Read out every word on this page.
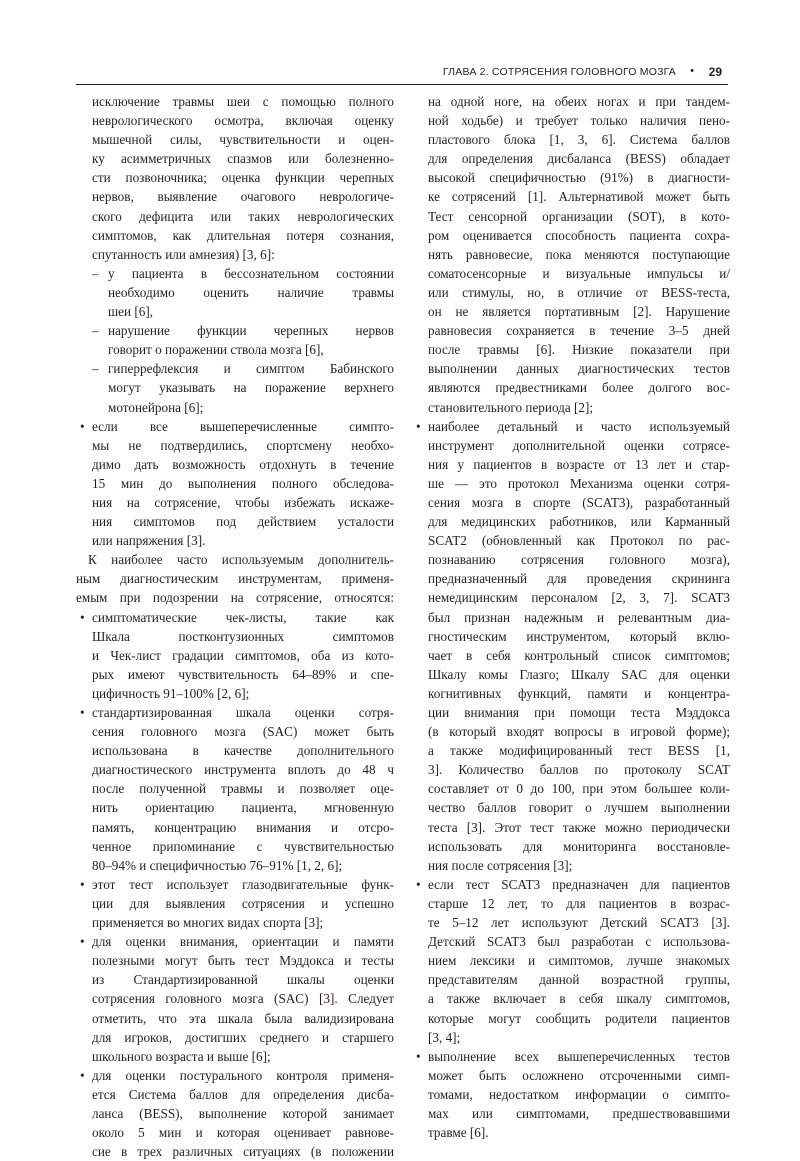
ГЛАВА 2. СОТРЯСЕНИЯ ГОЛОВНОГО МОЗГА • 29
исключение травмы шеи с помощью полного
неврологического осмотра, включая оценку
мышечной силы, чувствительности и оцен-
ку асимметричных спазмов или болезненно-
сти позвоночника; оценка функции черепных
нервов, выявление очагового неврологиче-
ского дефицита или таких неврологических
симптомов, как длительная потеря сознания,
спутанность или амнезия) [3, 6]:
– у пациента в бессознательном состоянии
необходимо оценить наличие травмы
шеи [6],
– нарушение функции черепных нервов
говорит о поражении ствола мозга [6],
– гиперрефлексия и симптом Бабинского
могут указывать на поражение верхнего
мотонейрона [6];
• если все вышеперечисленные симпто-
мы не подтвердились, спортсмену необхо-
димо дать возможность отдохнуть в течение
15 мин до выполнения полного обследова-
ния на сотрясение, чтобы избежать искаже-
ния симптомов под действием усталости
или напряжения [3].
К наиболее часто используемым дополнитель-
ным диагностическим инструментам, применя-
емым при подозрении на сотрясение, относятся:
• симптоматические чек-листы, такие как
Шкала постконтузионных симптомов
и Чек-лист градации симптомов, оба из кото-
рых имеют чувствительность 64–89% и спе-
цифичность 91–100% [2, 6];
• стандартизированная шкала оценки сотря-
сения головного мозга (SAC) может быть
использована в качестве дополнительного
диагностического инструмента вплоть до 48 ч
после полученной травмы и позволяет оце-
нить ориентацию пациента, мгновенную
память, концентрацию внимания и отсро-
ченное припоминание с чувствительностью
80–94% и специфичностью 76–91% [1, 2, 6];
• этот тест использует глазодвигательные функ-
ции для выявления сотрясения и успешно
применяется во многих видах спорта [3];
• для оценки внимания, ориентации и памяти
полезными могут быть тест Мэддокса и тесты
из Стандартизированной шкалы оценки
сотрясения головного мозга (SAC) [3]. Следует
отметить, что эта шкала была валидизирована
для игроков, достигших среднего и старшего
школьного возраста и выше [6];
• для оценки постурального контроля применя-
ется Система баллов для определения дисба-
ланса (BESS), выполнение которой занимает
около 5 мин и которая оценивает равнове-
сие в трех различных ситуациях (в положении
на одной ноге, на обеих ногах и при тандем-
ной ходьбе) и требует только наличия пено-
пластового блока [1, 3, 6]. Система баллов
для определения дисбаланса (BESS) обладает
высокой специфичностью (91%) в диагности-
ке сотрясений [1]. Альтернативой может быть
Тест сенсорной организации (SOT), в кото-
ром оценивается способность пациента сохра-
нять равновесие, пока меняются поступающие
соматосенсорные и визуальные импульсы и/
или стимулы, но, в отличие от BESS-теста,
он не является портативным [2]. Нарушение
равновесия сохраняется в течение 3–5 дней
после травмы [6]. Низкие показатели при
выполнении данных диагностических тестов
являются предвестниками более долгого вос-
становительного периода [2];
• наиболее детальный и часто используемый
инструмент дополнительной оценки сотрясе-
ния у пациентов в возрасте от 13 лет и стар-
ше — это протокол Механизма оценки сотря-
сения мозга в спорте (SCAT3), разработанный
для медицинских работников, или Карманный
SCAT2 (обновленный как Протокол по рас-
познаванию сотрясения головного мозга),
предназначенный для проведения скрининга
немедицинским персоналом [2, 3, 7]. SCAT3
был признан надежным и релевантным диа-
гностическим инструментом, который вклю-
чает в себя контрольный список симптомов;
Шкалу комы Глазго; Шкалу SAC для оценки
когнитивных функций, памяти и концентра-
ции внимания при помощи теста Мэддокса
(в который входят вопросы в игровой форме);
а также модифицированный тест BESS [1,
3]. Количество баллов по протоколу SCAT
составляет от 0 до 100, при этом большее коли-
чество баллов говорит о лучшем выполнении
теста [3]. Этот тест также можно периодически
использовать для мониторинга восстановле-
ния после сотрясения [3];
• если тест SCAT3 предназначен для пациентов
старше 12 лет, то для пациентов в возрас-
те 5–12 лет используют Детский SCAT3 [3].
Детский SCAT3 был разработан с использова-
нием лексики и симптомов, лучше знакомых
представителям данной возрастной группы,
а также включает в себя шкалу симптомов,
которые могут сообщить родители пациентов
[3, 4];
• выполнение всех вышеперечисленных тестов
может быть осложнено отсроченными симп-
томами, недостатком информации о симпто-
мах или симптомами, предшествовавшими
травме [6].
